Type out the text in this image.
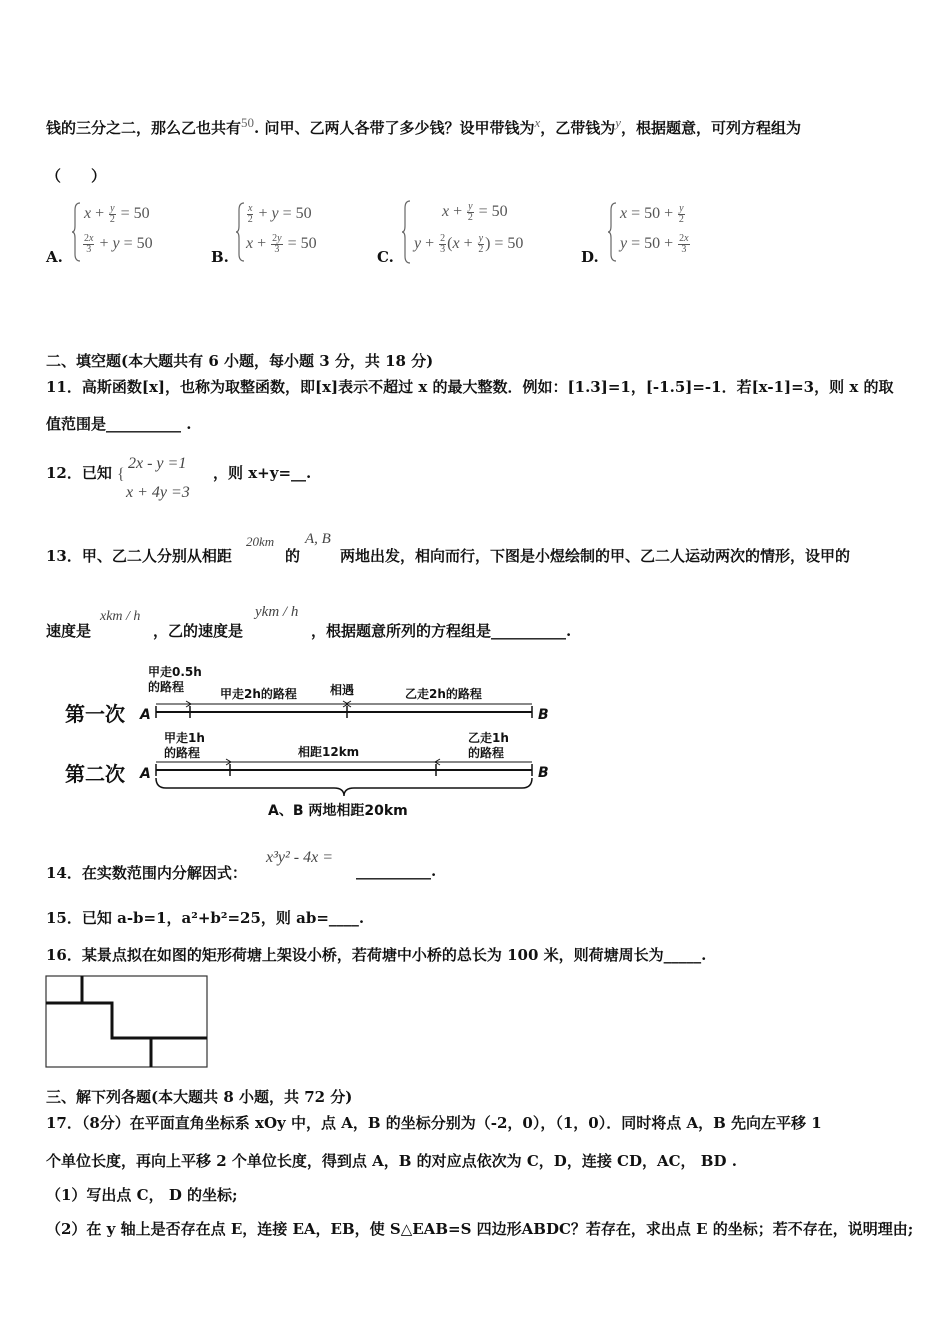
钱的三分之二，那么乙也共有50. 问甲、乙两人各带了多少钱？设甲带钱为x，乙带钱为y，根据题意，可列方程组为
（　　）
A.
$x + \frac{y}{2} = 50$
$\frac{2x}{3} + y = 50$
B.
$\frac{x}{2} + y = 50$
$x + \frac{2y}{3} = 50$
C.
$x + \frac{y}{2} = 50$
$y + \frac{2}{3} (x + \frac{y}{2}$ ) = 50
D.
$x = 50 + \frac{y}{2}$
$y = 50 + \frac{2x}{3}$
二、填空题(本大题共有 6 小题，每小题 3 分，共 18 分)
11．高斯函数[x]，也称为取整函数，即[x]表示不超过 x 的最大整数．例如：[1.3]=1，[-1.5]=-1．若[x-1]=3，则 x 的取
值范围是__________ .
12．已知 {
2x - y =1
x + 4y =3
，则 x+y=__.
13．甲、乙二人分别从相距
20km
的
A, B
两地出发，相向而行，下图是小煜绘制的甲、乙二人运动两次的情形，设甲的
速度是
xkm / h
，乙的速度是
ykm / h
，根据题意所列的方程组是__________.
第一次 A	B
甲走0.5h
的路程	甲走2h的路程	相遇	乙走2h的路程
第二次 A	B
甲走1h
的路程	相距12km
乙走1h
的路程
A、B 两地相距20km
14．在实数范围内分解因式：
x³y² - 4x =
__________.
15．已知 a-b=1，a²+b²=25，则 ab=____.
16．某景点拟在如图的矩形荷塘上架设小桥，若荷塘中小桥的总长为 100 米，则荷塘周长为_____.
三、解下列各题(本大题共 8 小题，共 72 分)
17．（8分）在平面直角坐标系 xOy 中，点 A，B 的坐标分别为（-2，0），（1，0）．同时将点 A，B 先向左平移 1
个单位长度，再向上平移 2 个单位长度，得到点 A，B 的对应点依次为 C，D，连接 CD，AC， BD .
（1）写出点 C， D 的坐标;
（2）在 y 轴上是否存在点 E，连接 EA，EB，使 S△EAB=S 四边形ABDC？若存在，求出点 E 的坐标；若不存在，说明理由;
